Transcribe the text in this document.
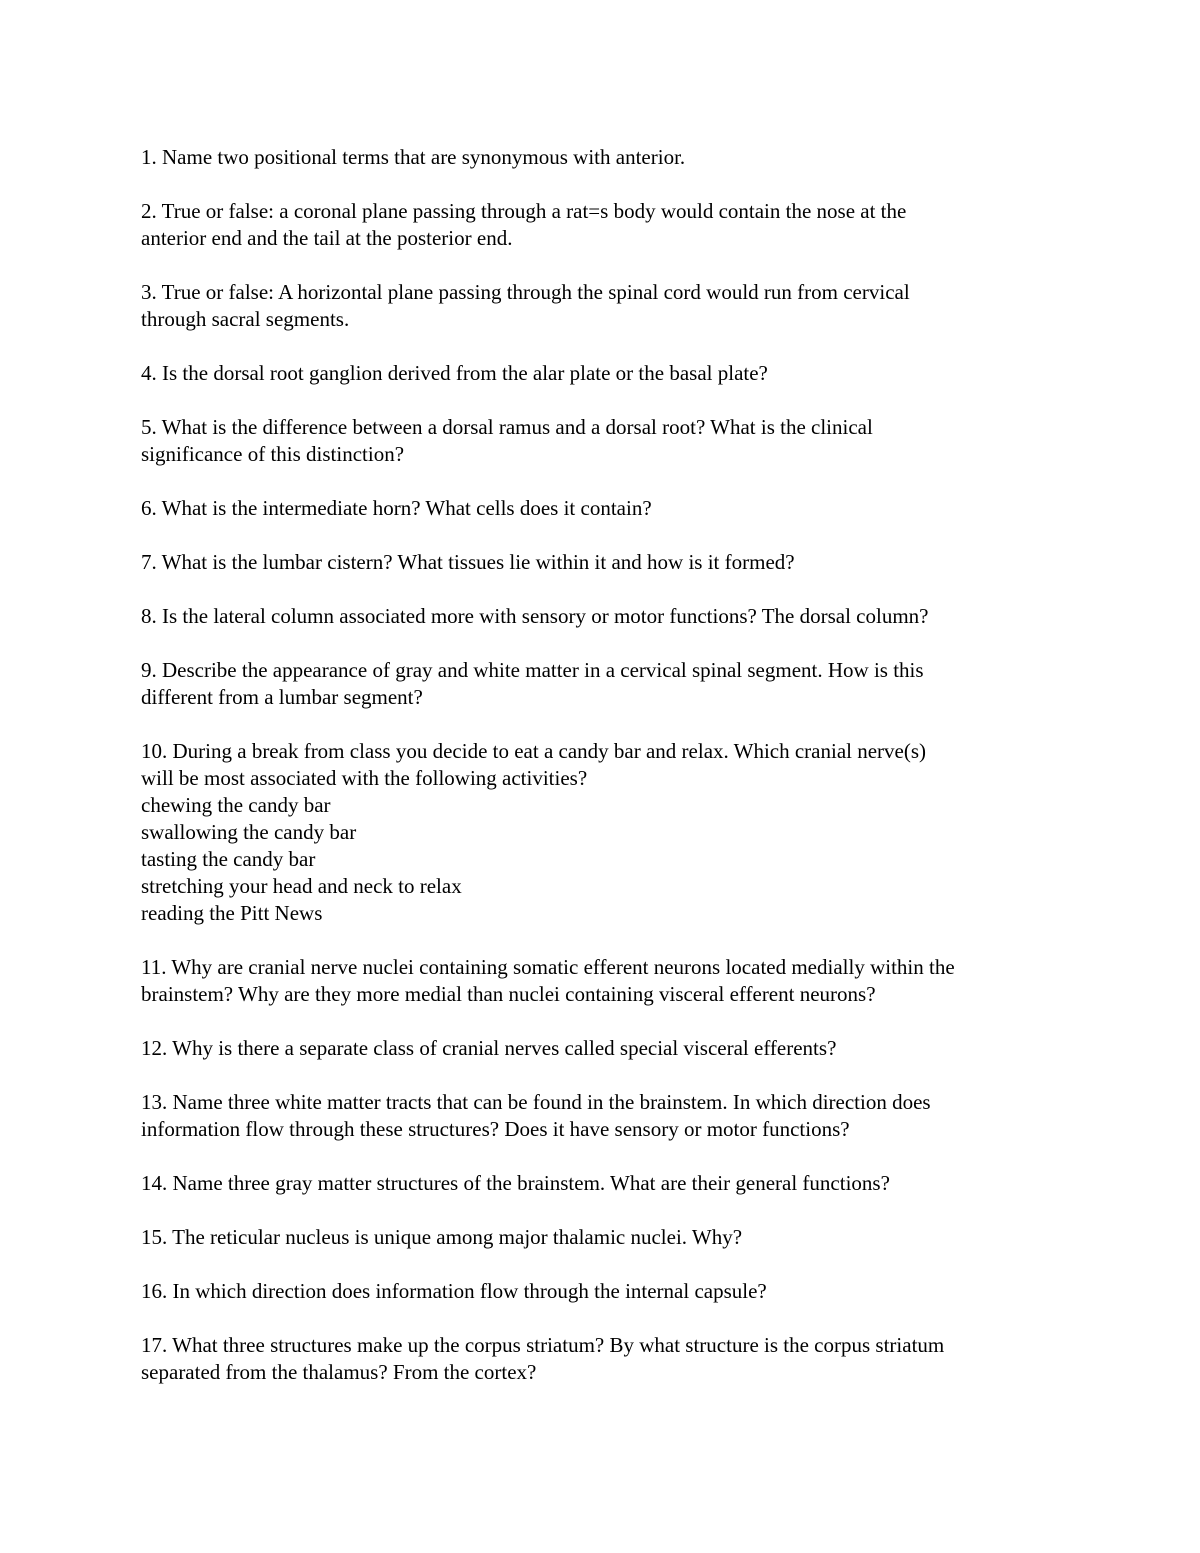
1. Name two positional terms that are synonymous with anterior.
2. True or false: a coronal plane passing through a rat=s body would contain the nose at the
anterior end and the tail at the posterior end.
3. True or false: A horizontal plane passing through the spinal cord would run from cervical
through sacral segments.
4. Is the dorsal root ganglion derived from the alar plate or the basal plate?
5. What is the difference between a dorsal ramus and a dorsal root? What is the clinical
significance of this distinction?
6. What is the intermediate horn? What cells does it contain?
7. What is the lumbar cistern? What tissues lie within it and how is it formed?
8. Is the lateral column associated more with sensory or motor functions? The dorsal column?
9. Describe the appearance of gray and white matter in a cervical spinal segment. How is this
different from a lumbar segment?
10. During a break from class you decide to eat a candy bar and relax. Which cranial nerve(s)
will be most associated with the following activities?
chewing the candy bar
swallowing the candy bar
tasting the candy bar
stretching your head and neck to relax
reading the Pitt News
11. Why are cranial nerve nuclei containing somatic efferent neurons located medially within the
brainstem? Why are they more medial than nuclei containing visceral efferent neurons?
12. Why is there a separate class of cranial nerves called special visceral efferents?
13. Name three white matter tracts that can be found in the brainstem. In which direction does
information flow through these structures? Does it have sensory or motor functions?
14. Name three gray matter structures of the brainstem. What are their general functions?
15. The reticular nucleus is unique among major thalamic nuclei. Why?
16. In which direction does information flow through the internal capsule?
17. What three structures make up the corpus striatum? By what structure is the corpus striatum
separated from the thalamus? From the cortex?
